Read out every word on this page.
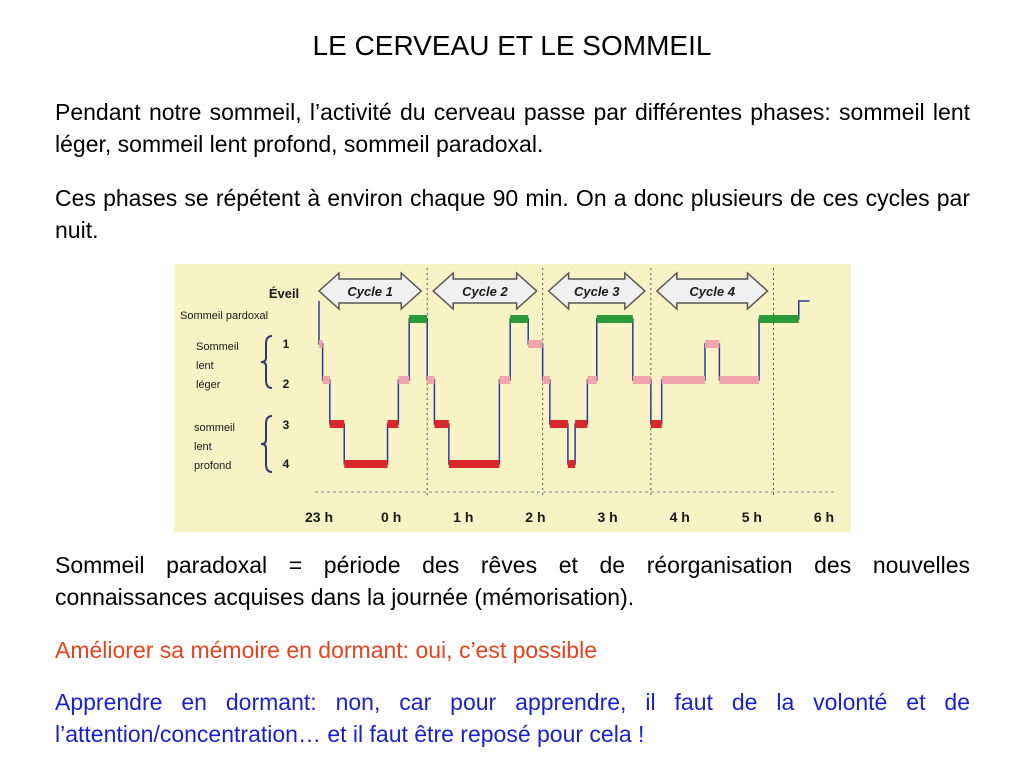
LE CERVEAU ET LE SOMMEIL

Pendant notre sommeil, l’activité du cerveau passe par différentes phases: sommeil lent léger, sommeil lent profond, sommeil paradoxal.

Ces phases se répétent à environ chaque 90 min. On a donc plusieurs de ces cycles par nuit.

Éveil
Sommeil pardoxal
1
2
3
4
Sommeil
lent
léger
sommeil
lent
profond
Cycle 1	Cycle 2	Cycle 3	Cycle 4
23 h	0 h	1 h	2 h	3 h	4 h	5 h	6 h

Sommeil paradoxal = période des rêves et de réorganisation des nouvelles connaissances acquises dans la journée (mémorisation).

Améliorer sa mémoire en dormant: oui, c’est possible

Apprendre en dormant: non, car pour apprendre, il faut de la volonté et de l’attention/concentration… et il faut être reposé pour cela !
